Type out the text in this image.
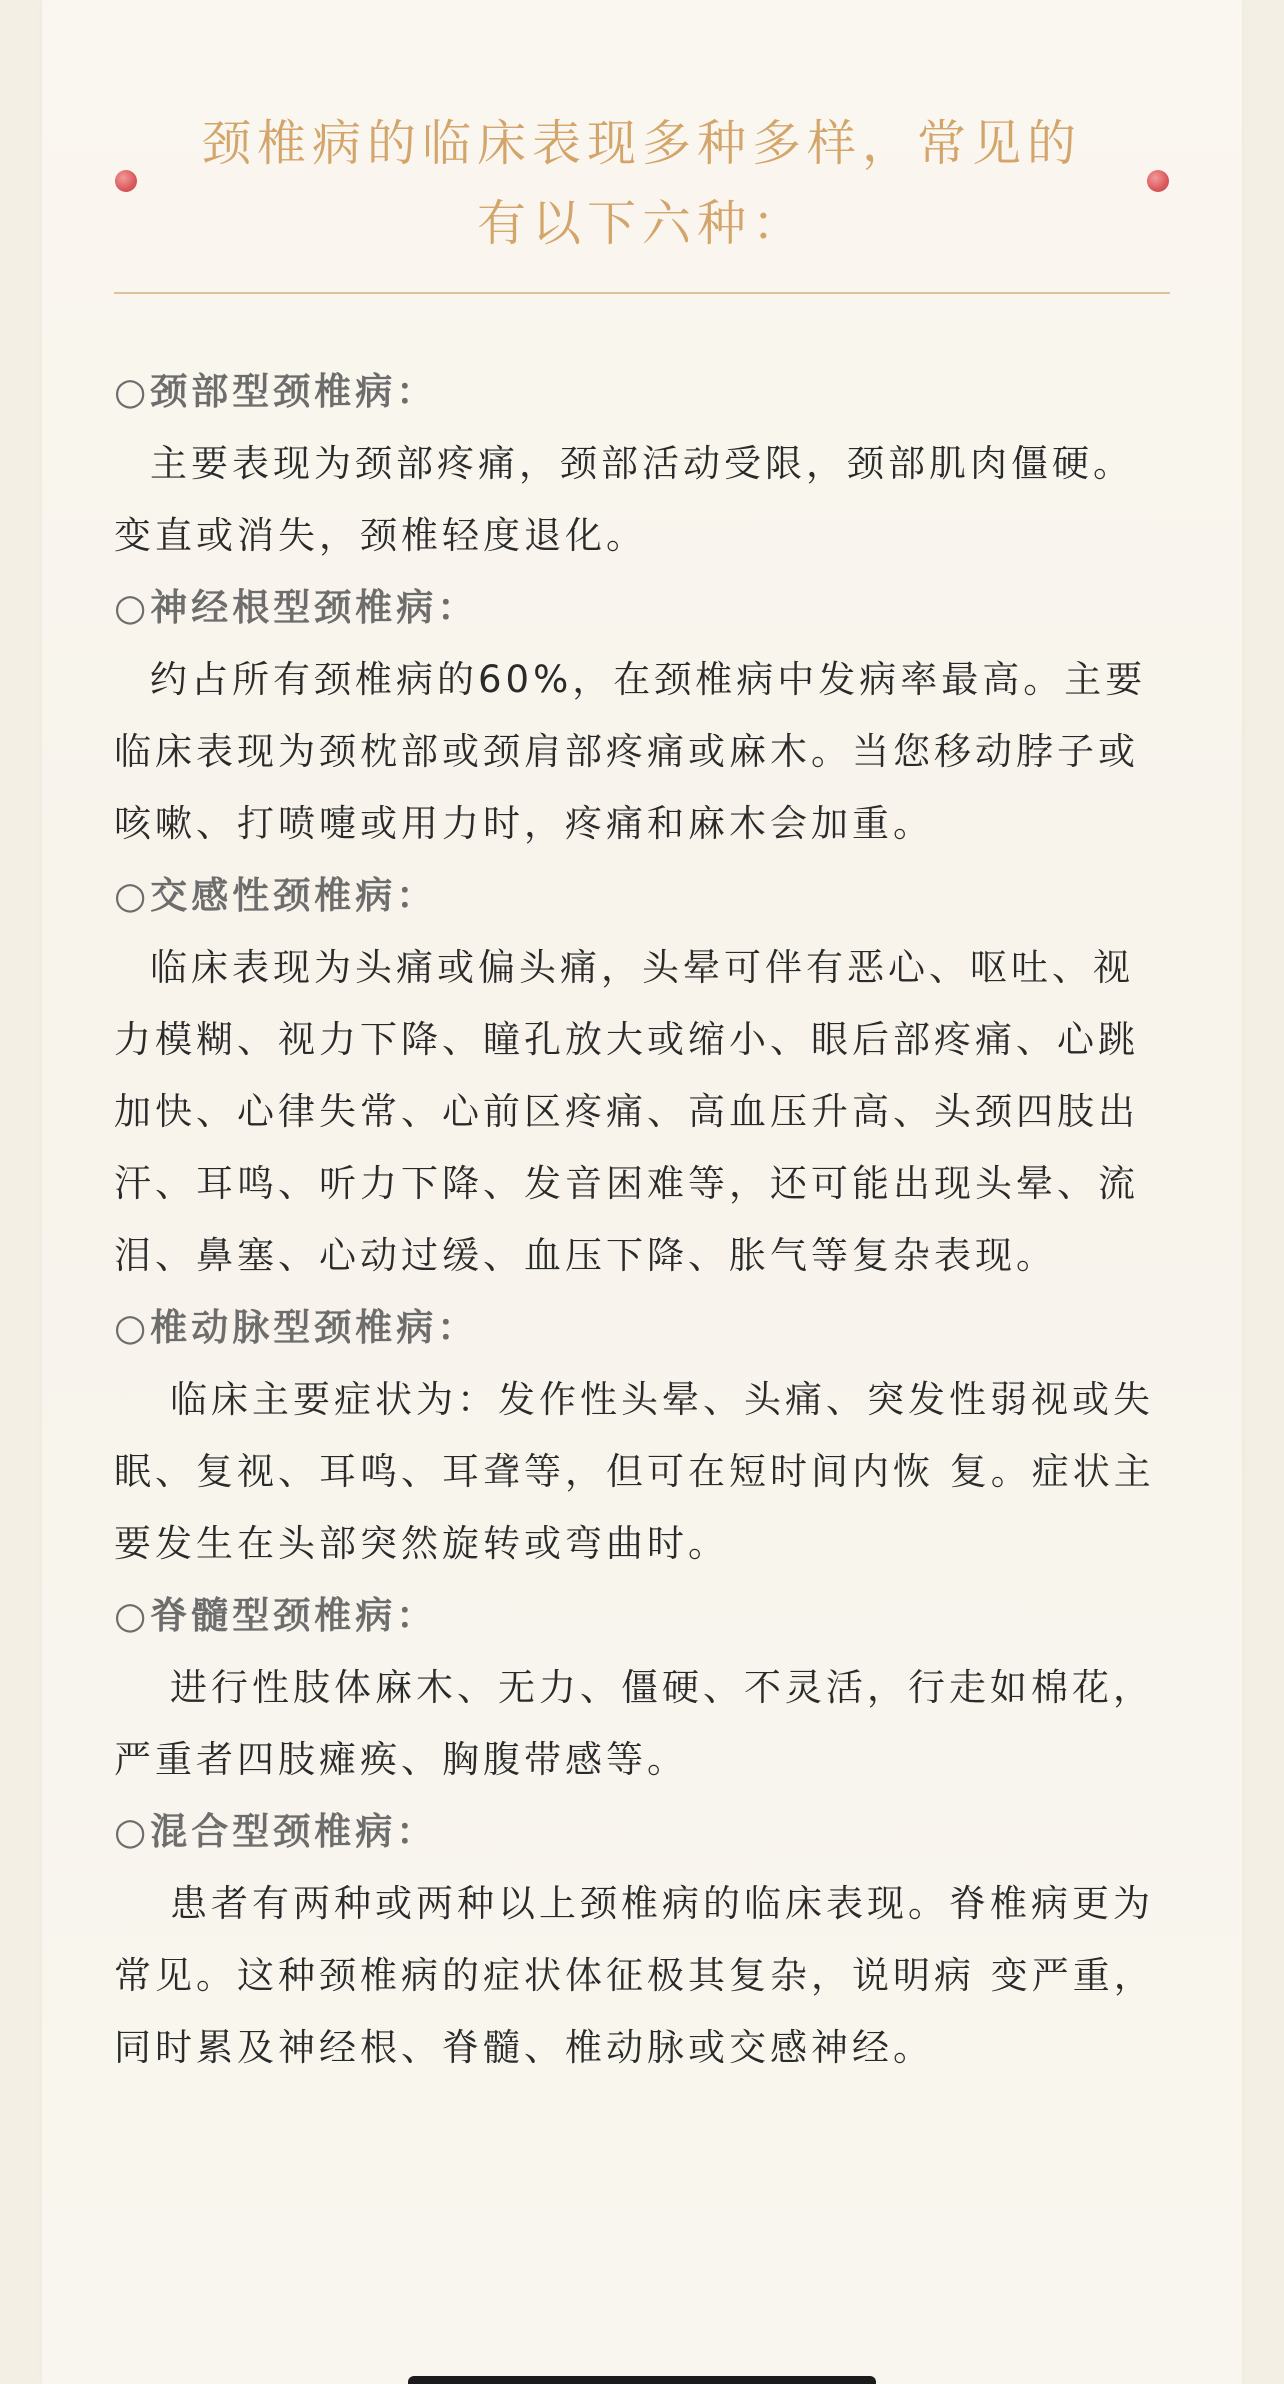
颈椎病的临床表现多种多样，常见的
有以下六种：
○颈部型颈椎病：
主要表现为颈部疼痛，颈部活动受限，颈部肌肉僵硬。变直或消失，颈椎轻度退化。
○神经根型颈椎病：
约占所有颈椎病的60%，在颈椎病中发病率最高。主要临床表现为颈枕部或颈肩部疼痛或麻木。当您移动脖子或咳嗽、打喷嚏或用力时，疼痛和麻木会加重。
○交感性颈椎病：
临床表现为头痛或偏头痛，头晕可伴有恶心、呕吐、视力模糊、视力下降、瞳孔放大或缩小、眼后部疼痛、心跳加快、心律失常、心前区疼痛、高血压升高、头颈四肢出汗、耳鸣、听力下降、发音困难等，还可能出现头晕、流泪、鼻塞、心动过缓、血压下降、胀气等复杂表现。
○椎动脉型颈椎病：
临床主要症状为：发作性头晕、头痛、突发性弱视或失眠、复视、耳鸣、耳聋等，但可在短时间内恢 复。症状主要发生在头部突然旋转或弯曲时。
○脊髓型颈椎病：
进行性肢体麻木、无力、僵硬、不灵活，行走如棉花，严重者四肢瘫痪、胸腹带感等。
○混合型颈椎病：
患者有两种或两种以上颈椎病的临床表现。脊椎病更为常见。这种颈椎病的症状体征极其复杂，说明病 变严重，同时累及神经根、脊髓、椎动脉或交感神经。
